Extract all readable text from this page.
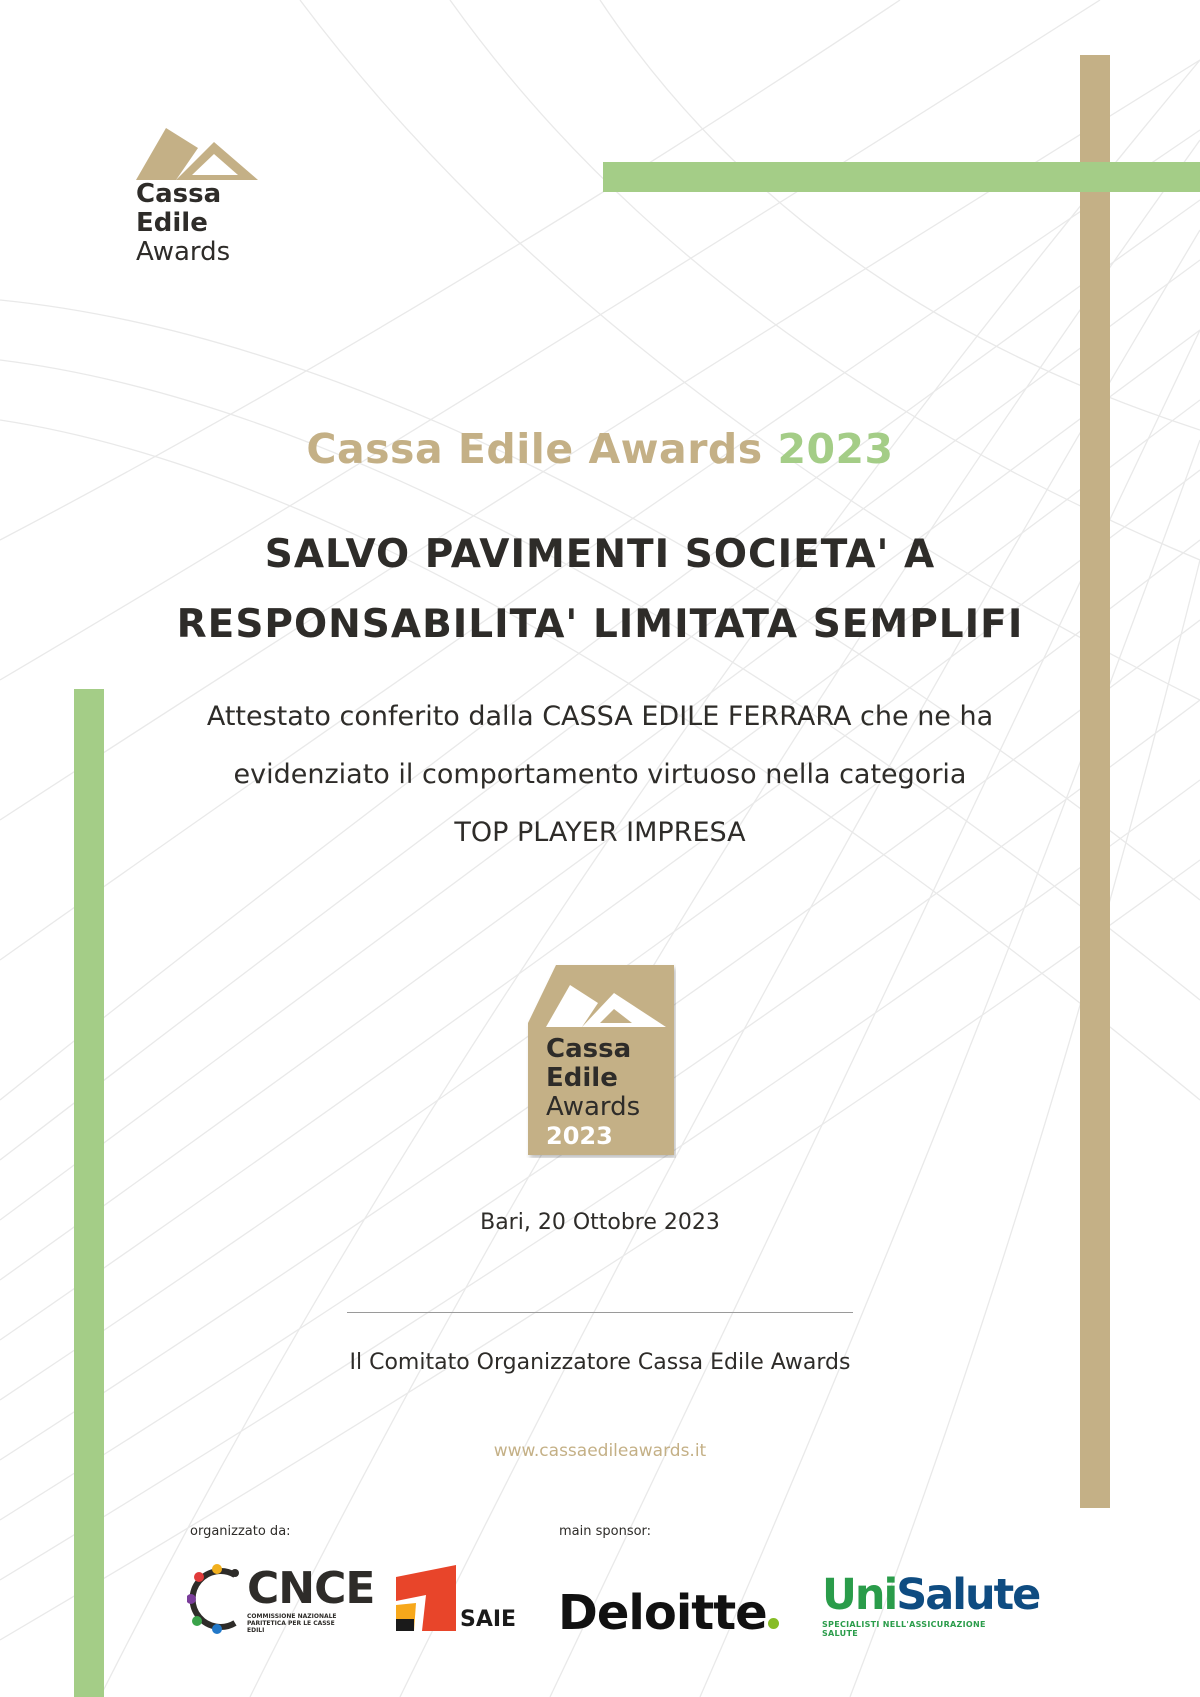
Cassa
Edile
Awards
Cassa Edile Awards 2023
SALVO PAVIMENTI SOCIETA' A
RESPONSABILITA' LIMITATA SEMPLIFI
Attestato conferito dalla CASSA EDILE FERRARA che ne ha
evidenziato il comportamento virtuoso nella categoria
TOP PLAYER IMPRESA
Cassa
Edile
Awards
2023
Bari, 20 Ottobre 2023
Il Comitato Organizzatore Cassa Edile Awards
www.cassaedileawards.it
organizzato da:	main sponsor:
CNCE
COMMISSIONE NAZIONALE
PARITETICA PER LE CASSE EDILI	SAIE Deloitte UniSalute
SPECIALISTI NELL'ASSICURAZIONE SALUTE
